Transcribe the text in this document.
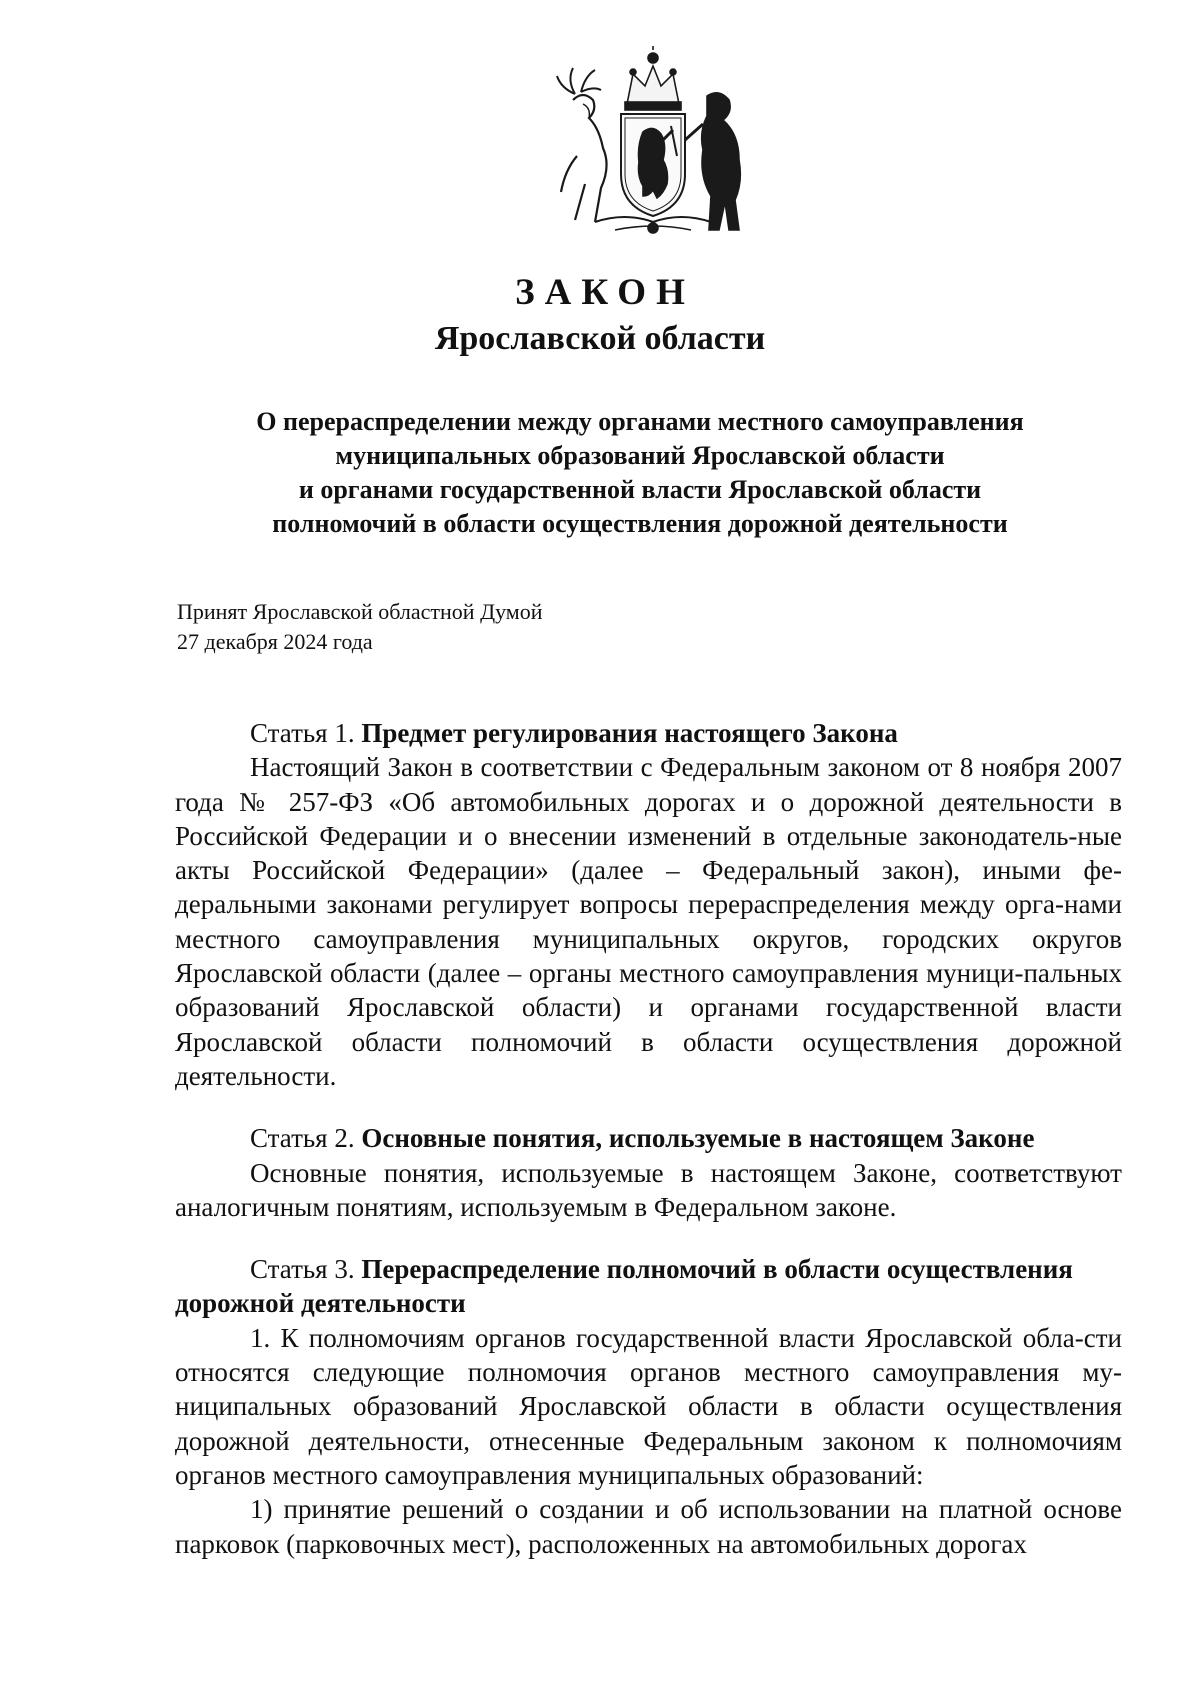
ЗАКОН
Ярославской области
О перераспределении между органами местного самоуправления
муниципальных образований Ярославской области
и органами государственной власти Ярославской области
полномочий в области осуществления дорожной деятельности
Принят Ярославской областной Думой
27 декабря 2024 года

Статья 1. Предмет регулирования настоящего Закона

Настоящий Закон в соответствии с Федеральным законом от 8 ноября 2007 года № 257-ФЗ «Об автомобильных дорогах и о дорожной деятельности в Российской Федерации и о внесении изменений в отдельные законодатель-ные акты Российской Федерации» (далее – Федеральный закон), иными фе-деральными законами регулирует вопросы перераспределения между орга-нами местного самоуправления муниципальных округов, городских округов Ярославской области (далее – органы местного самоуправления муници-пальных образований Ярославской области) и органами государственной власти Ярославской области полномочий в области осуществления дорожной деятельности.

Статья 2. Основные понятия, используемые в настоящем Законе

Основные понятия, используемые в настоящем Законе, соответствуют аналогичным понятиям, используемым в Федеральном законе.

Статья 3. Перераспределение полномочий в области осуществления дорожной деятельности

1. К полномочиям органов государственной власти Ярославской обла-сти относятся следующие полномочия органов местного самоуправления му-ниципальных образований Ярославской области в области осуществления дорожной деятельности, отнесенные Федеральным законом к полномочиям органов местного самоуправления муниципальных образований:

1) принятие решений о создании и об использовании на платной основе парковок (парковочных мест), расположенных на автомобильных дорогах
